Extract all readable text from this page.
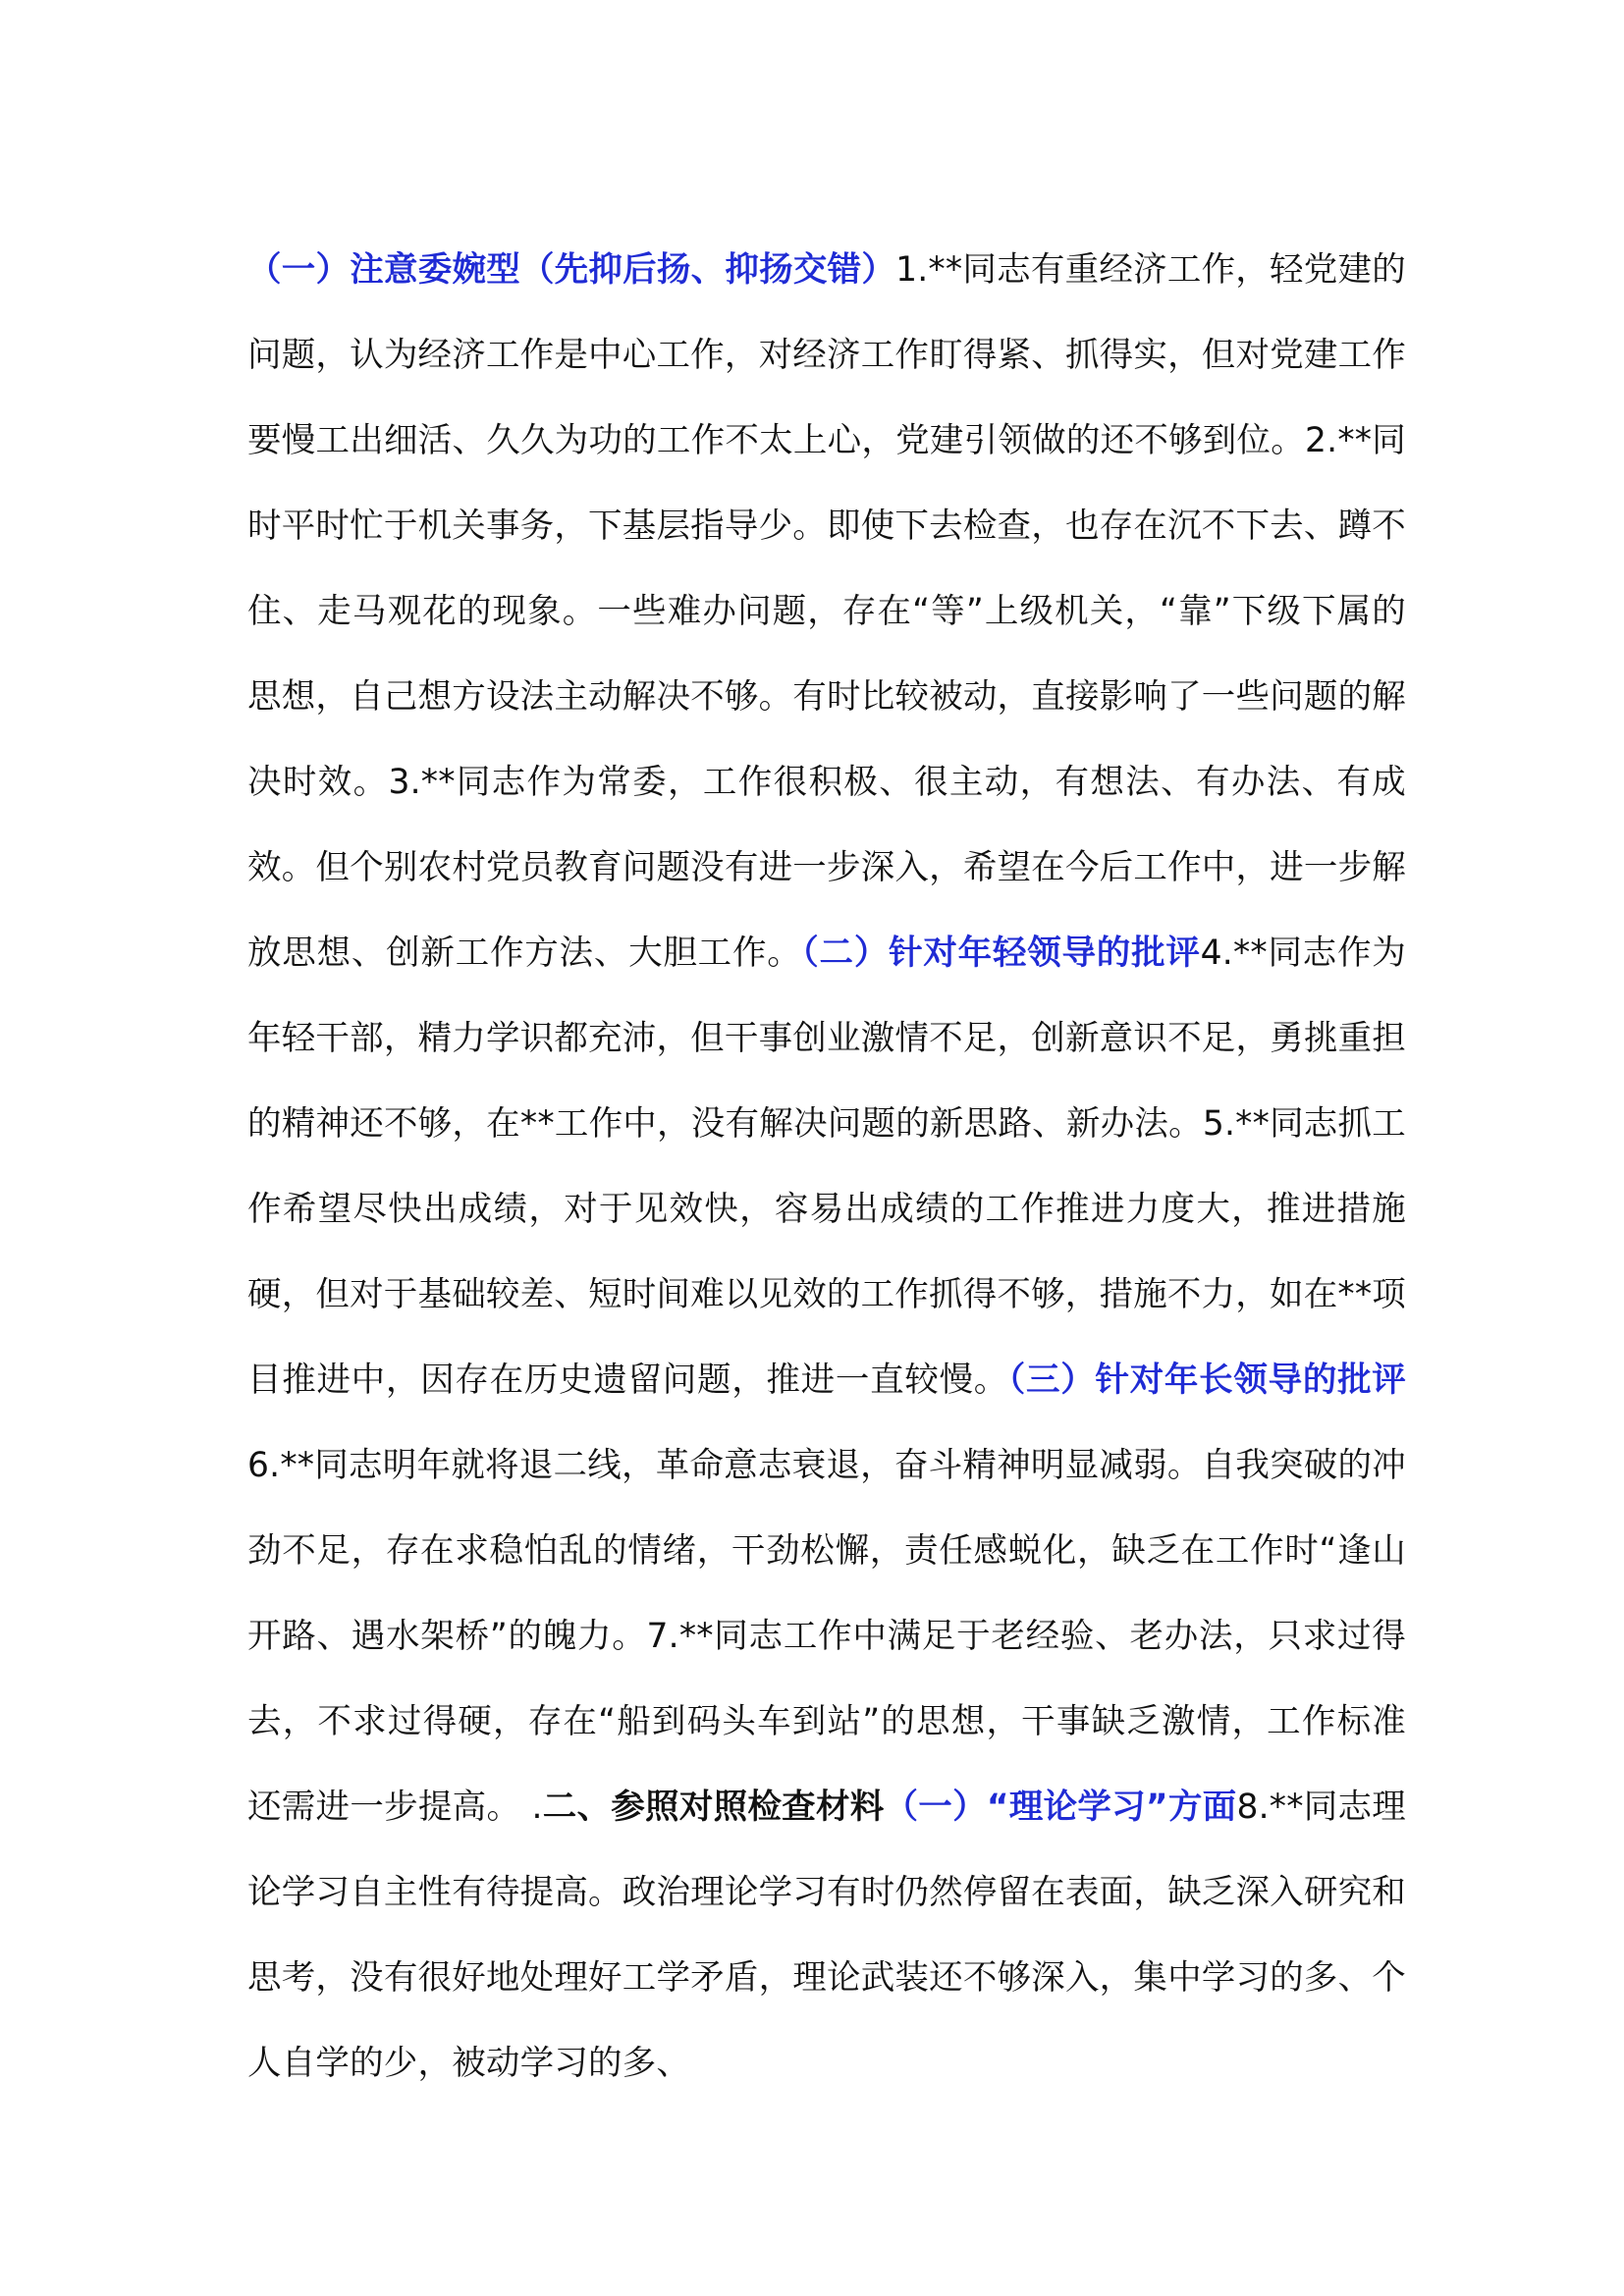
（一）注意委婉型（先抑后扬、抑扬交错）1.**同志有重经济工作，轻党建的问题，认为经济工作是中心工作，对经济工作盯得紧、抓得实，但对党建工作要慢工出细活、久久为功的工作不太上心，党建引领做的还不够到位。2.**同时平时忙于机关事务，下基层指导少。即使下去检查，也存在沉不下去、蹲不住、走马观花的现象。一些难办问题，存在“等”上级机关，“靠”下级下属的思想，自己想方设法主动解决不够。有时比较被动，直接影响了一些问题的解决时效。3.**同志作为常委，工作很积极、很主动，有想法、有办法、有成效。但个别农村党员教育问题没有进一步深入，希望在今后工作中，进一步解放思想、创新工作方法、大胆工作。（二）针对年轻领导的批评4.**同志作为年轻干部，精力学识都充沛，但干事创业激情不足，创新意识不足，勇挑重担的精神还不够，在**工作中，没有解决问题的新思路、新办法。5.**同志抓工作希望尽快出成绩，对于见效快，容易出成绩的工作推进力度大，推进措施硬，但对于基础较差、短时间难以见效的工作抓得不够，措施不力，如在**项目推进中，因存在历史遗留问题，推进一直较慢。（三）针对年长领导的批评6.**同志明年就将退二线，革命意志衰退，奋斗精神明显减弱。自我突破的冲劲不足，存在求稳怕乱的情绪，干劲松懈，责任感蜕化，缺乏在工作时“逢山开路、遇水架桥”的魄力。7.**同志工作中满足于老经验、老办法，只求过得去，不求过得硬，存在“船到码头车到站”的思想，干事缺乏激情，工作标准还需进一步提高。 .二、参照对照检查材料（一）“理论学习”方面8.**同志理论学习自主性有待提高。政治理论学习有时仍然停留在表面，缺乏深入研究和思考，没有很好地处理好工学矛盾，理论武装还不够深入，集中学习的多、个人自学的少，被动学习的多、
